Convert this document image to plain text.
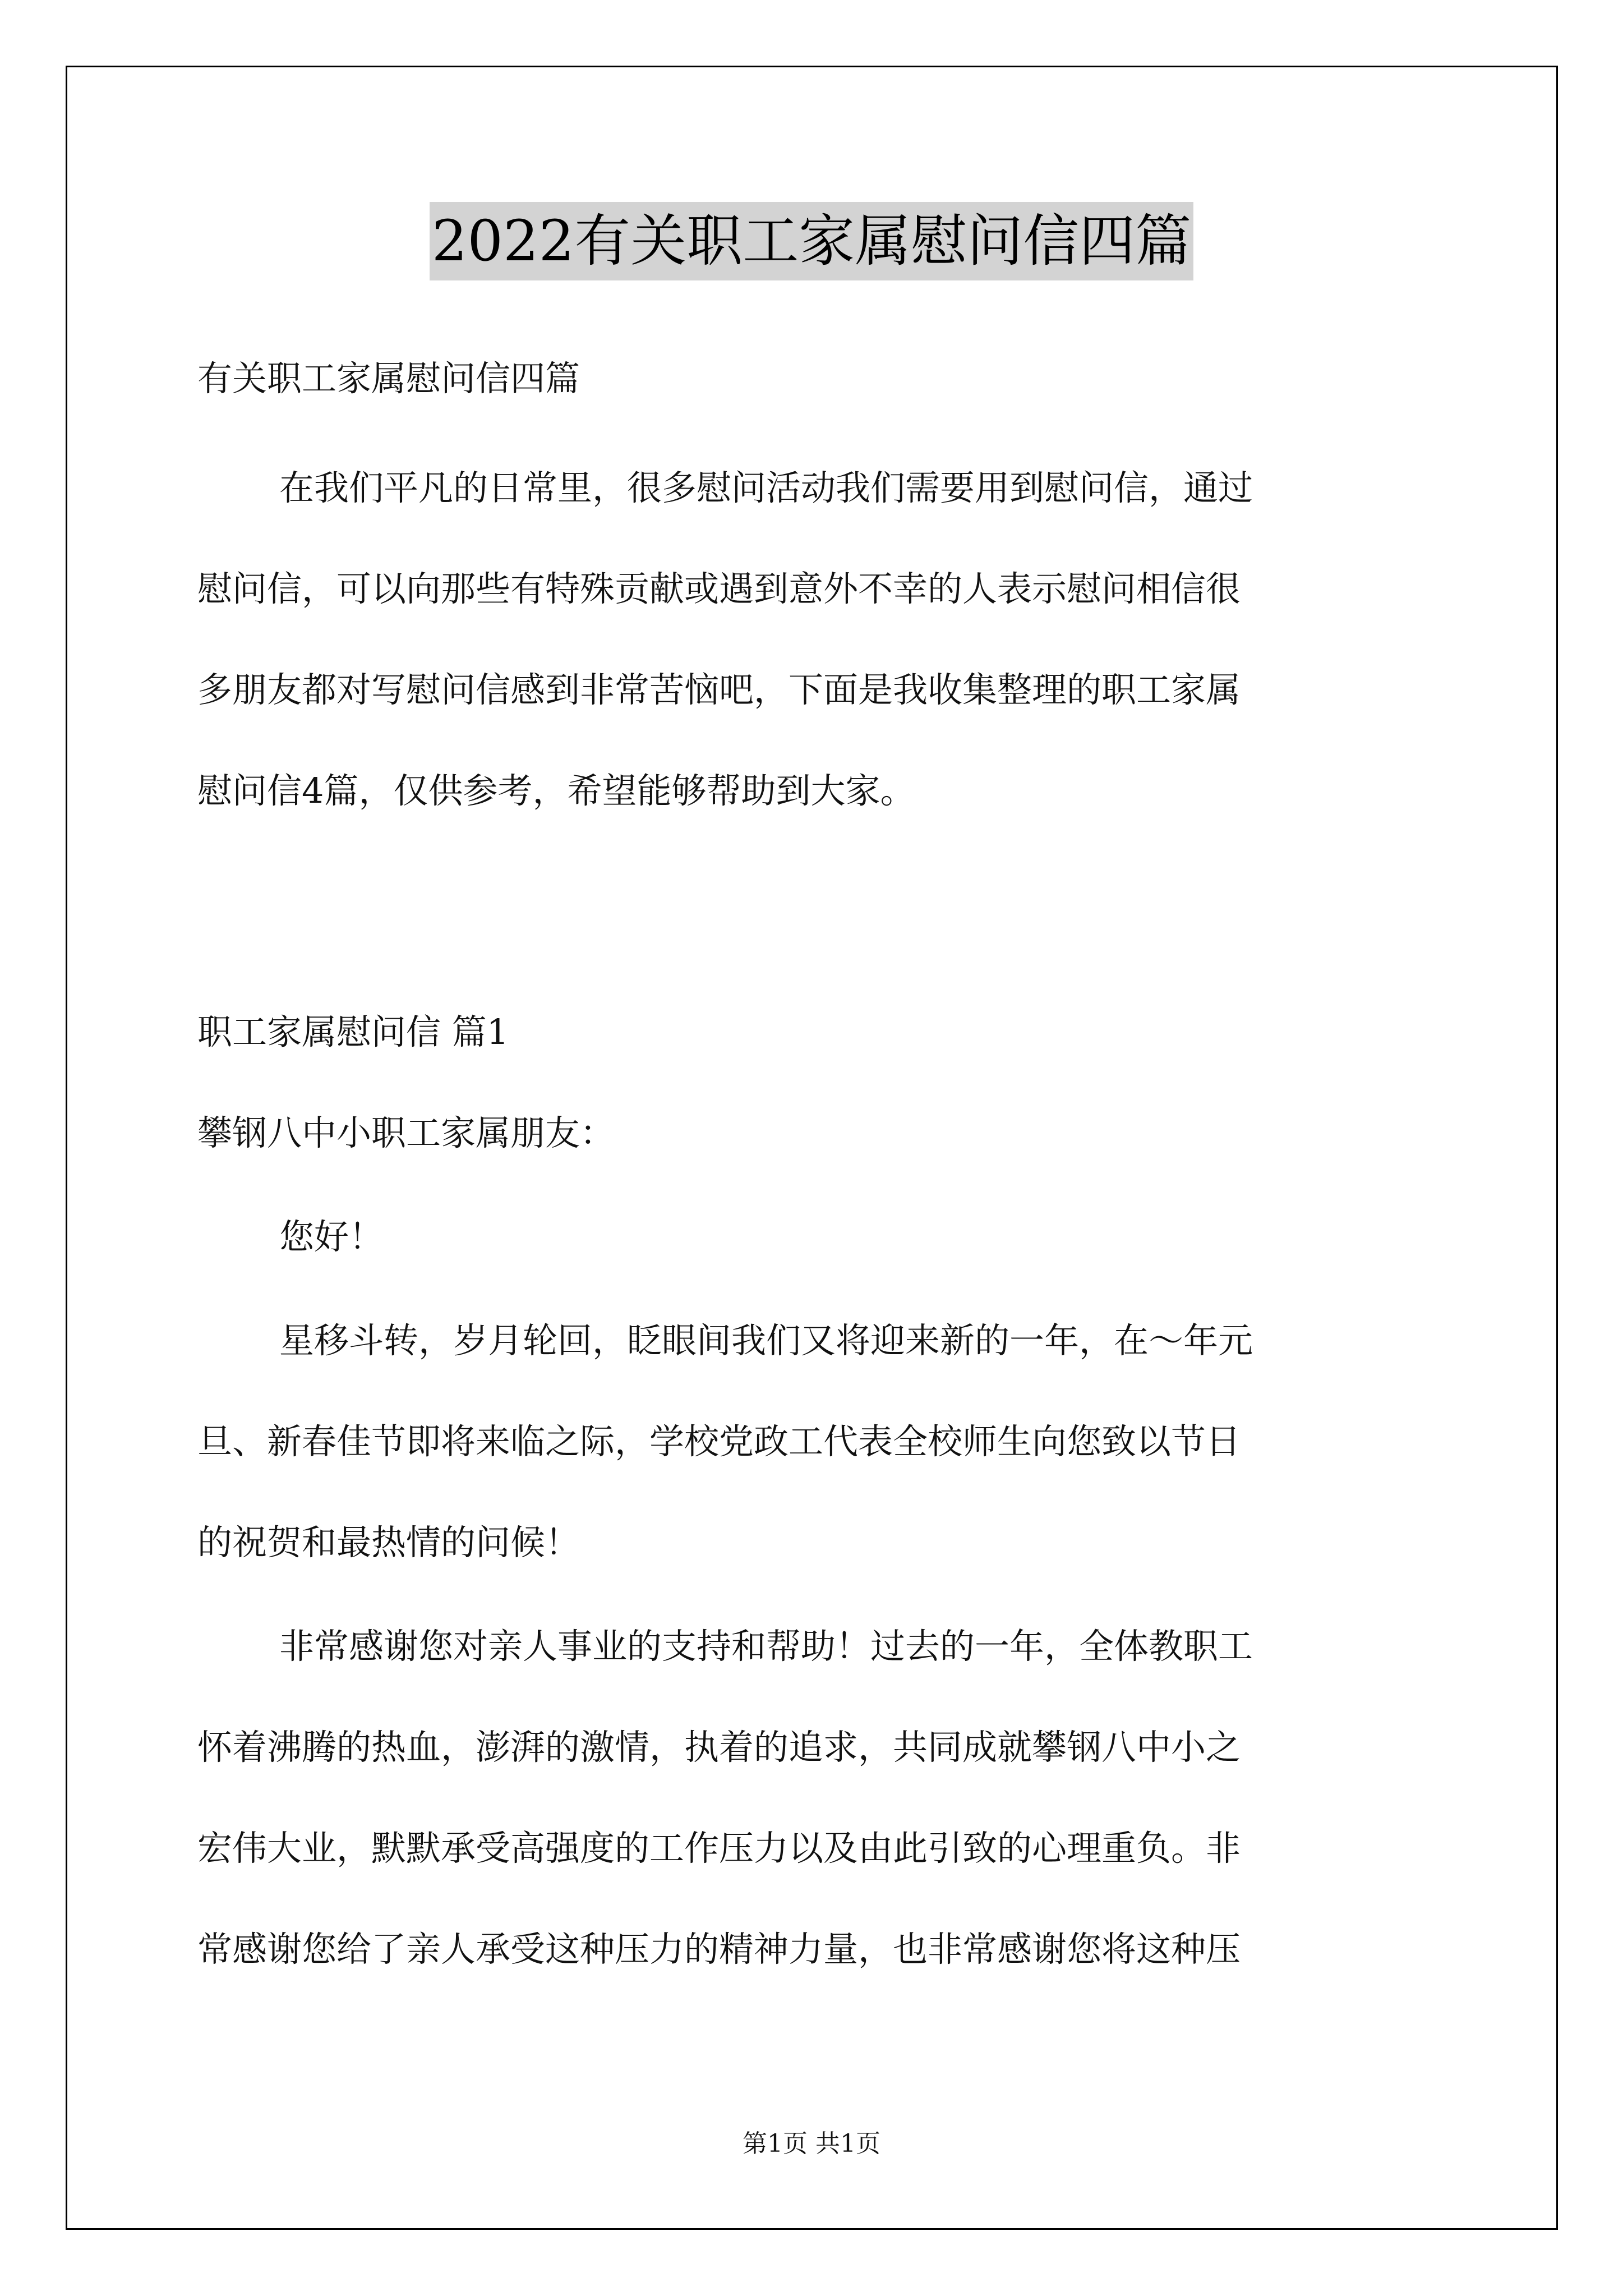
2022有关职工家属慰问信四篇
有关职工家属慰问信四篇
在我们平凡的日常里，很多慰问活动我们需要用到慰问信，通过
慰问信，可以向那些有特殊贡献或遇到意外不幸的人表示慰问相信很
多朋友都对写慰问信感到非常苦恼吧，下面是我收集整理的职工家属
慰问信4篇，仅供参考，希望能够帮助到大家。
职工家属慰问信 篇1
攀钢八中小职工家属朋友：
您好！
星移斗转，岁月轮回，眨眼间我们又将迎来新的一年，在～年元
旦、新春佳节即将来临之际，学校党政工代表全校师生向您致以节日
的祝贺和最热情的问候！
非常感谢您对亲人事业的支持和帮助！过去的一年，全体教职工
怀着沸腾的热血，澎湃的激情，执着的追求，共同成就攀钢八中小之
宏伟大业，默默承受高强度的工作压力以及由此引致的心理重负。非
常感谢您给了亲人承受这种压力的精神力量，也非常感谢您将这种压
第1页 共1页
